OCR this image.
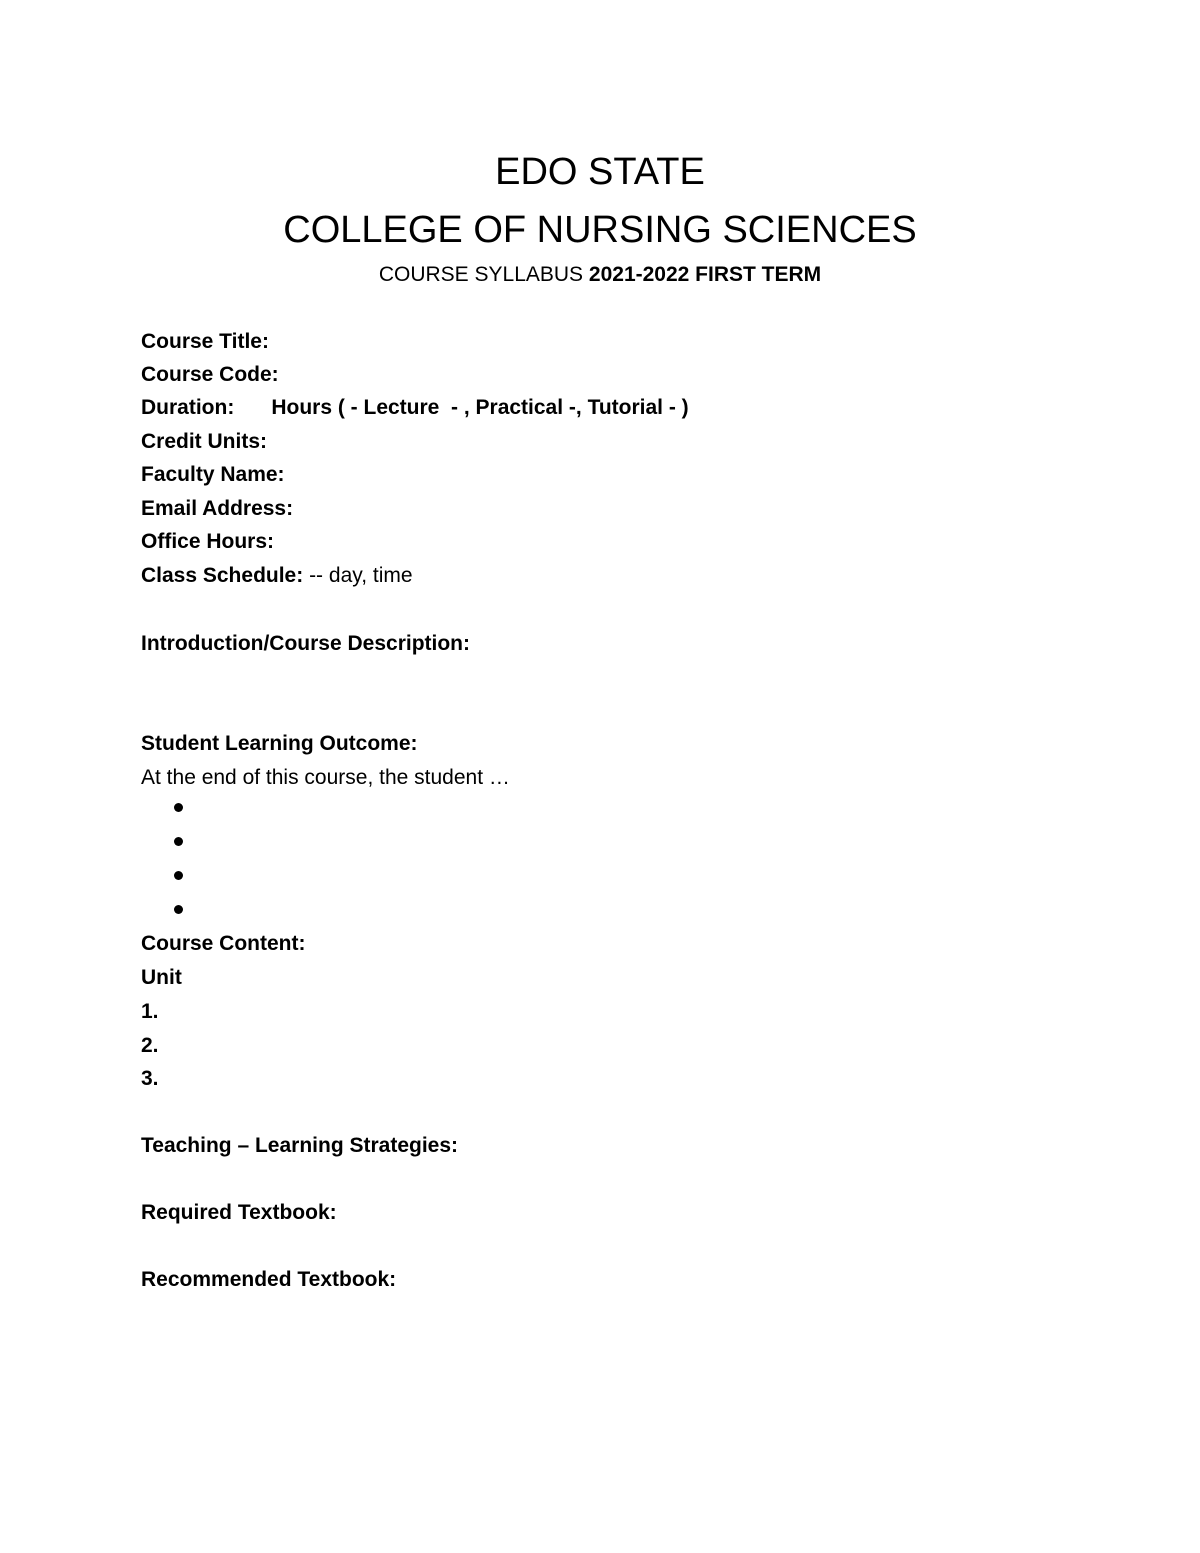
EDO STATE
COLLEGE OF NURSING SCIENCES
COURSE SYLLABUS 2021-2022 FIRST TERM
Course Title:
Course Code:
Duration: Hours ( - Lecture  - , Practical -, Tutorial - )
Credit Units:
Faculty Name:
Email Address:
Office Hours:
Class Schedule: -- day, time
Introduction/Course Description:
Student Learning Outcome:
At the end of this course, the student …
Course Content:
Unit
1.
2.
3.
Teaching – Learning Strategies:
Required Textbook:
Recommended Textbook:
